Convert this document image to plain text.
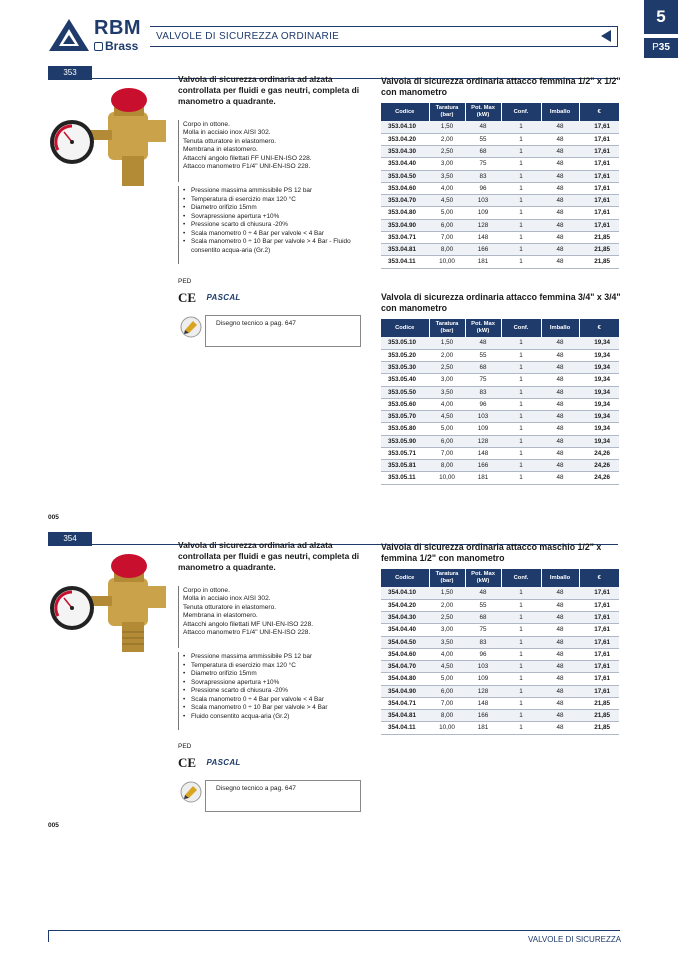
RBM
Brass
VALVOLE DI SICUREZZA ORDINARIE
5
P35
353
Valvola di sicurezza ordinaria ad alzata controllata per fluidi e gas neutri, completa di manometro a quadrante.
Corpo in ottone.
Molla in acciaio inox AISI 302.
Tenuta otturatore in elastomero.
Membrana in elastomero.
Attacchi angolo filettati FF UNI-EN-ISO 228.
Attacco manometro F1/4" UNI-EN-ISO 228.
• Pressione massima ammissibile PS 12 bar
• Temperatura di esercizio max 120 °C
• Diametro orifizio 15mm
• Sovrapressione apertura +10%
• Pressione scarto di chiusura -20%
• Scala manometro 0 ÷ 4 Bar per valvole < 4 Bar
• Scala manometro 0 ÷ 10 Bar per valvole > 4 Bar - Fluido consentito acqua-aria (Gr.2)
PED
CE PASCAL
Disegno tecnico a pag. 647
005
Valvola di sicurezza ordinaria attacco femmina 1/2" x 1/2" con manometro
Codice	Taratura (bar)	Pot. Max (kW)	Conf.	Imballo	€
353.04.10	1,50	48	1	48	17,61
353.04.20	2,00	55	1	48	17,61
353.04.30	2,50	68	1	48	17,61
353.04.40	3,00	75	1	48	17,61
353.04.50	3,50	83	1	48	17,61
353.04.60	4,00	96	1	48	17,61
353.04.70	4,50	103	1	48	17,61
353.04.80	5,00	109	1	48	17,61
353.04.90	6,00	128	1	48	17,61
353.04.71	7,00	148	1	48	21,85
353.04.81	8,00	166	1	48	21,85
353.04.11	10,00	181	1	48	21,85
Valvola di sicurezza ordinaria attacco femmina 3/4" x 3/4" con manometro
Codice	Taratura (bar)	Pot. Max (kW)	Conf.	Imballo	€
353.05.10	1,50	48	1	48	19,34
353.05.20	2,00	55	1	48	19,34
353.05.30	2,50	68	1	48	19,34
353.05.40	3,00	75	1	48	19,34
353.05.50	3,50	83	1	48	19,34
353.05.60	4,00	96	1	48	19,34
353.05.70	4,50	103	1	48	19,34
353.05.80	5,00	109	1	48	19,34
353.05.90	6,00	128	1	48	19,34
353.05.71	7,00	148	1	48	24,26
353.05.81	8,00	166	1	48	24,26
353.05.11	10,00	181	1	48	24,26
354
Valvola di sicurezza ordinaria ad alzata controllata per fluidi e gas neutri, completa di manometro a quadrante.
Corpo in ottone.
Molla in acciaio inox AISI 302.
Tenuta otturatore in elastomero.
Membrana in elastomero.
Attacchi angolo filettati MF UNI-EN-ISO 228.
Attacco manometro F1/4" UNI-EN-ISO 228.
• Pressione massima ammissibile PS 12 bar
• Temperatura di esercizio max 120 °C
• Diametro orifizio 15mm
• Sovrapressione apertura +10%
• Pressione scarto di chiusura -20%
• Scala manometro 0 ÷ 4 Bar per valvole < 4 Bar
• Scala manometro 0 ÷ 10 Bar per valvole > 4 Bar
• Fluido consentito acqua-aria (Gr.2)
PED
CE PASCAL
Disegno tecnico a pag. 647
005
Valvola di sicurezza ordinaria attacco maschio 1/2" x femmina 1/2" con manometro
Codice	Taratura (bar)	Pot. Max (kW)	Conf.	Imballo	€
354.04.10	1,50	48	1	48	17,61
354.04.20	2,00	55	1	48	17,61
354.04.30	2,50	68	1	48	17,61
354.04.40	3,00	75	1	48	17,61
354.04.50	3,50	83	1	48	17,61
354.04.60	4,00	96	1	48	17,61
354.04.70	4,50	103	1	48	17,61
354.04.80	5,00	109	1	48	17,61
354.04.90	6,00	128	1	48	17,61
354.04.71	7,00	148	1	48	21,85
354.04.81	8,00	166	1	48	21,85
354.04.11	10,00	181	1	48	21,85
VALVOLE DI SICUREZZA
